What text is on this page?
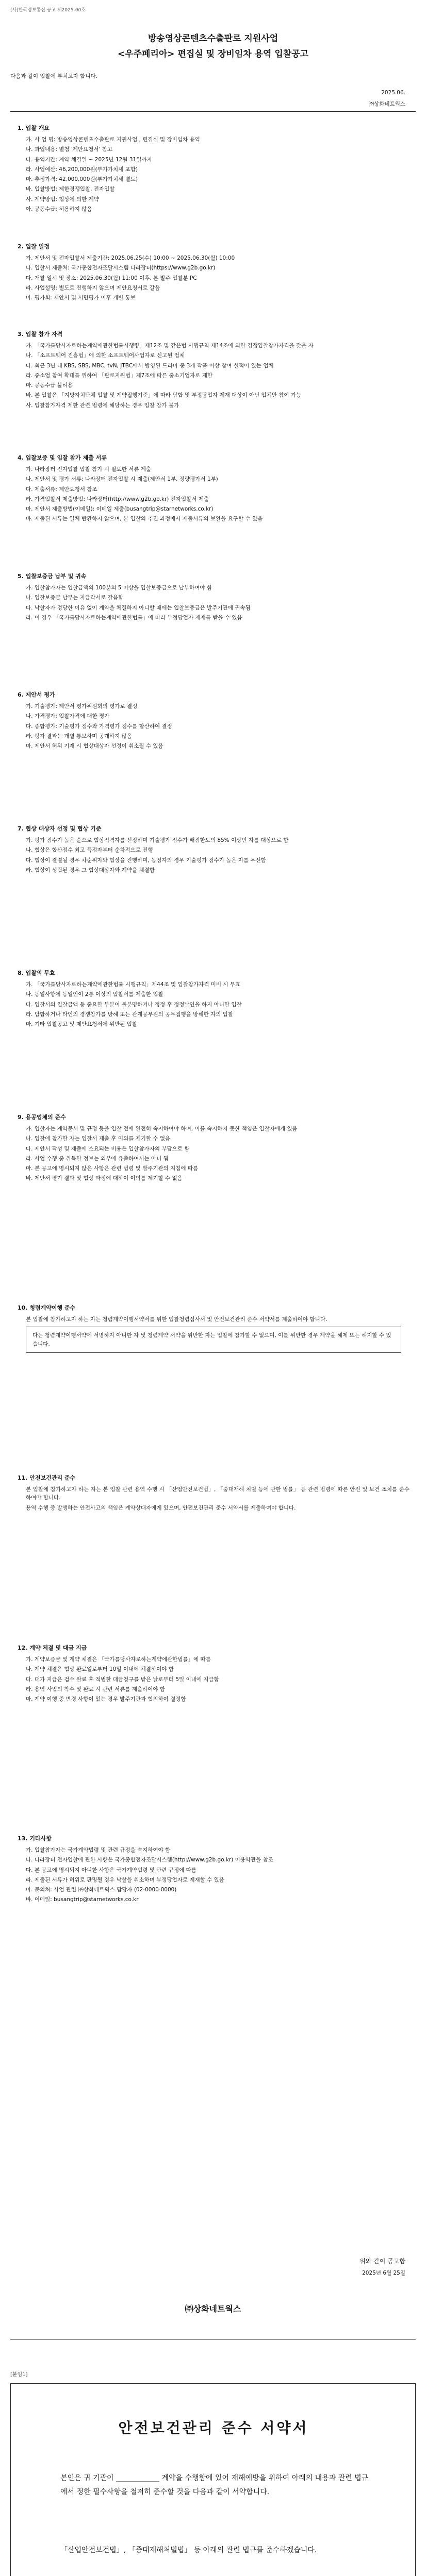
(사)한국정보통신 공고 제2025-00호
방송영상콘텐츠수출판로 지원사업
<우주페리아> 편집실 및 장비임차 용역 입찰공고
다음과 같이 입찰에 부치고자 합니다.
2025.06.
㈜상화네트웍스
1. 입찰 개요

가. 사 업 명: 방송영상콘텐츠수출판로 지원사업 , 편집실 및 장비임차 용역

나. 과업내용: 별첨 '제안요청서' 참고

다. 용역기간: 계약 체결일 ~ 2025년 12월 31일까지

라. 사업예산: 46,200,000원(부가가치세 포함)

마. 추정가격: 42,000,000원(부가가치세 별도)

바. 입찰방법: 제한경쟁입찰, 전자입찰

사. 계약방법: 협상에 의한 계약

아. 공동수급: 허용하지 않음

2. 입찰 일정

가. 제안서 및 전자입찰서 제출기간: 2025.06.25(수) 10:00 ~ 2025.06.30(월) 10:00

나. 입찰서 제출처: 국가종합전자조달시스템 나라장터(https://www.g2b.go.kr)

다. 개찰 일시 및 장소: 2025.06.30(월) 11:00 이후, 본 발주 입찰분 PC

라. 사업설명: 별도로 진행하지 않으며 제안요청서로 갈음

마. 평가회: 제안서 및 서면평가 이후 개별 통보

3. 입찰 참가 자격

가. 「국가를당사자로하는계약에관한법률시행령」제12조 및 같은법 시행규칙 제14조에 의한 경쟁입찰참가자격을 갖춘 자

나. 「소프트웨어 진흥법」에 의한 소프트웨어사업자로 신고된 업체

다. 최근 3년 내 KBS, SBS, MBC, tvN, JTBC에서 방영된 드라마 중 3개 작품 이상 참여 실적이 있는 업체

라. 중소업 참여 확대를 위하여 「판로지원법」제7조에 따른 중소기업자로 제한

마. 공동수급 불허용

바. 본 입찰은 「지방자치단체 입찰 및 계약집행기준」에 따라 담합 및 부정당업자 제재 대상이 아닌 업체만 참여 가능

사. 입찰참가자격 제한 관련 법령에 해당하는 경우 입찰 참가 불가

4. 입찰보증 및 입찰 참가 제출 서류

가. 나라장터 전자입찰 입찰 참가 시 필요한 서류 제출

나. 제안서 및 평가 서류: 나라장터 전자입찰 시 제출(제안서 1부, 정량평가서 1부)

다. 제출서류: 제안요청서 참조

라. 가격입찰서 제출방법: 나라장터(http://www.g2b.go.kr) 전자입찰서 제출

마. 제안서 제출방법(이메일): 이메일 제출(busangtrip@starnetworks.co.kr)

바. 제출된 서류는 일체 반환하지 않으며, 본 입찰의 추진 과정에서 제출서류의 보완을 요구할 수 있음

5. 입찰보증금 납부 및 귀속

가. 입찰참가자는 입찰금액의 100분의 5 이상을 입찰보증금으로 납부하여야 함

나. 입찰보증금 납부는 지급각서로 갈음함

다. 낙찰자가 정당한 이유 없이 계약을 체결하지 아니할 때에는 입찰보증금은 발주기관에 귀속됨

라. 이 경우 「국가를당사자로하는계약에관한법률」에 따라 부정당업자 제재를 받을 수 있음

6. 제안서 평가

가. 기술평가: 제안서 평가위원회의 평가로 결정

나. 가격평가: 입찰가격에 대한 평가

다. 종합평가: 기술평가 점수와 가격평가 점수를 합산하여 결정

라. 평가 결과는 개별 통보하며 공개하지 않음

마. 제안서 허위 기재 시 협상대상자 선정이 취소될 수 있음

7. 협상 대상자 선정 및 협상 기준

가. 평가 점수가 높은 순으로 협상적격자를 선정하며 기술평가 점수가 배점한도의 85% 이상인 자를 대상으로 함

나. 협상은 합산점수 최고 득점자부터 순차적으로 진행

다. 협상이 결렬될 경우 차순위자와 협상을 진행하며, 동점자의 경우 기술평가 점수가 높은 자를 우선함

라. 협상이 성립된 경우 그 협상대상자와 계약을 체결함

8. 입찰의 무효

가. 「국가를당사자로하는계약에관한법률 시행규칙」제44조 및 입찰참가자격 미비 시 무효

나. 동일사항에 동일인이 2통 이상의 입찰서를 제출한 입찰

다. 입찰서의 입찰금액 등 중요한 부분이 불분명하거나 정정 후 정정날인을 하지 아니한 입찰

라. 담합하거나 타인의 경쟁참가를 방해 또는 관계공무원의 공무집행을 방해한 자의 입찰

마. 기타 입찰공고 및 제안요청서에 위반된 입찰

9. 용공업체의 준수

가. 입찰자는 계약문서 및 규정 등을 입찰 전에 완전히 숙지하여야 하며, 이를 숙지하지 못한 책임은 입찰자에게 있음

나. 입찰에 참가한 자는 입찰서 제출 후 이의를 제기할 수 없음

다. 제안서 작성 및 제출에 소요되는 비용은 입찰참가자의 부담으로 함

라. 사업 수행 중 취득한 정보는 외부에 유출하여서는 아니 됨

마. 본 공고에 명시되지 않은 사항은 관련 법령 및 발주기관의 지침에 따름

바. 제안서 평가 결과 및 협상 과정에 대하여 이의를 제기할 수 없음

10. 청렴계약이행 준수

본 입찰에 참가하고자 하는 자는 청렴계약이행서약서를 위한 입찰청렴심사서 및 안전보건관리 준수 서약서를 제출하여야 합니다.

다는 청렴계약이행서약에 서명하지 아니한 자 및 청렴계약 서약을 위반한 자는 입찰에 참가할 수 없으며, 이를 위반한 경우 계약을 해제 또는 해지할 수 있습니다.
11. 안전보건관리 준수

본 입찰에 참가하고자 하는 자는 본 입찰 관련 용역 수행 시 「산업안전보건법」, 「중대재해 처벌 등에 관한 법률」 등 관련 법령에 따른 안전 및 보건 조치를 준수하여야 합니다.

용역 수행 중 발생하는 안전사고의 책임은 계약상대자에게 있으며, 안전보건관리 준수 서약서를 제출하여야 합니다.

12. 계약 체결 및 대금 지급

가. 계약보증금 및 계약 체결은 「국가를당사자로하는계약에관한법률」에 따름

나. 계약 체결은 협상 완료일로부터 10일 이내에 체결하여야 함

다. 대가 지급은 검수 완료 후 적법한 대금청구를 받은 날로부터 5일 이내에 지급함

라. 용역 사업의 착수 및 완료 시 관련 서류를 제출하여야 함

마. 계약 이행 중 변경 사항이 있는 경우 발주기관과 협의하여 결정함

13. 기타사항

가. 입찰참가자는 국가계약법령 및 관련 규정을 숙지하여야 함

나. 나라장터 전자입찰에 관한 사항은 국가종합전자조달시스템(http://www.g2b.go.kr) 이용약관을 참조

다. 본 공고에 명시되지 아니한 사항은 국가계약법령 및 관련 규정에 따름

라. 제출된 서류가 허위로 판명될 경우 낙찰을 취소하며 부정당업자로 제재할 수 있음

마. 문의처: 사업 관련 ㈜상화네트웍스 담당자 (02-0000-0000)

바. 이메일: busangtrip@starnetworks.co.kr

위와 같이 공고함
2025년 6월 25일
㈜상화네트웍스
[붙임1]
안전보건관리 준수 서약서
본인은 귀 기관이 ____________ 계약을 수행함에 있어 재해예방을 위하여 아래의 내용과 관련 법규에서 정한 필수사항을 철저히 준수할 것을 다음과 같이 서약합니다.
「산업안전보건법」, 「중대재해처벌법」 등 아래의 관련 법규를 준수하겠습니다.
